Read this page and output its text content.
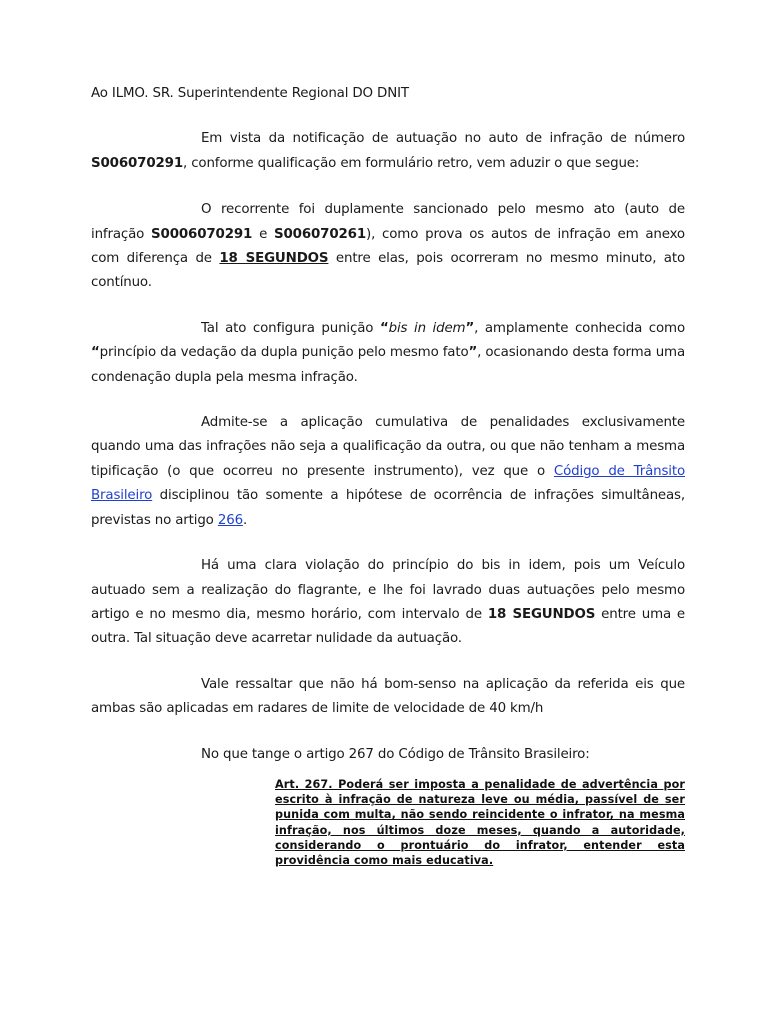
Ao ILMO. SR. Superintendente Regional DO DNIT

Em vista da notificação de autuação no auto de infração de número S006070291, conforme qualificação em formulário retro, vem aduzir o que segue:

O recorrente foi duplamente sancionado pelo mesmo ato (auto de infração S0006070291 e S006070261), como prova os autos de infração em anexo com diferença de 18 SEGUNDOS entre elas, pois ocorreram no mesmo minuto, ato contínuo.

Tal ato configura punição “bis in idem”, amplamente conhecida como “princípio da vedação da dupla punição pelo mesmo fato”, ocasionando desta forma uma condenação dupla pela mesma infração.

Admite-se a aplicação cumulativa de penalidades exclusivamente quando uma das infrações não seja a qualificação da outra, ou que não tenham a mesma tipificação (o que ocorreu no presente instrumento), vez que o Código de Trânsito Brasileiro disciplinou tão somente a hipótese de ocorrência de infrações simultâneas, previstas no artigo 266.

Há uma clara violação do princípio do bis in idem, pois um Veículo autuado sem a realização do flagrante, e lhe foi lavrado duas autuações pelo mesmo artigo e no mesmo dia, mesmo horário, com intervalo de 18 SEGUNDOS entre uma e outra. Tal situação deve acarretar nulidade da autuação.

Vale ressaltar que não há bom-senso na aplicação da referida eis que ambas são aplicadas em radares de limite de velocidade de 40 km/h

No que tange o artigo 267 do Código de Trânsito Brasileiro:

Art. 267. Poderá ser imposta a penalidade de advertência por escrito à infração de natureza leve ou média, passível de ser punida com multa, não sendo reincidente o infrator, na mesma infração, nos últimos doze meses, quando a autoridade, considerando o prontuário do infrator, entender esta providência como mais educativa.
